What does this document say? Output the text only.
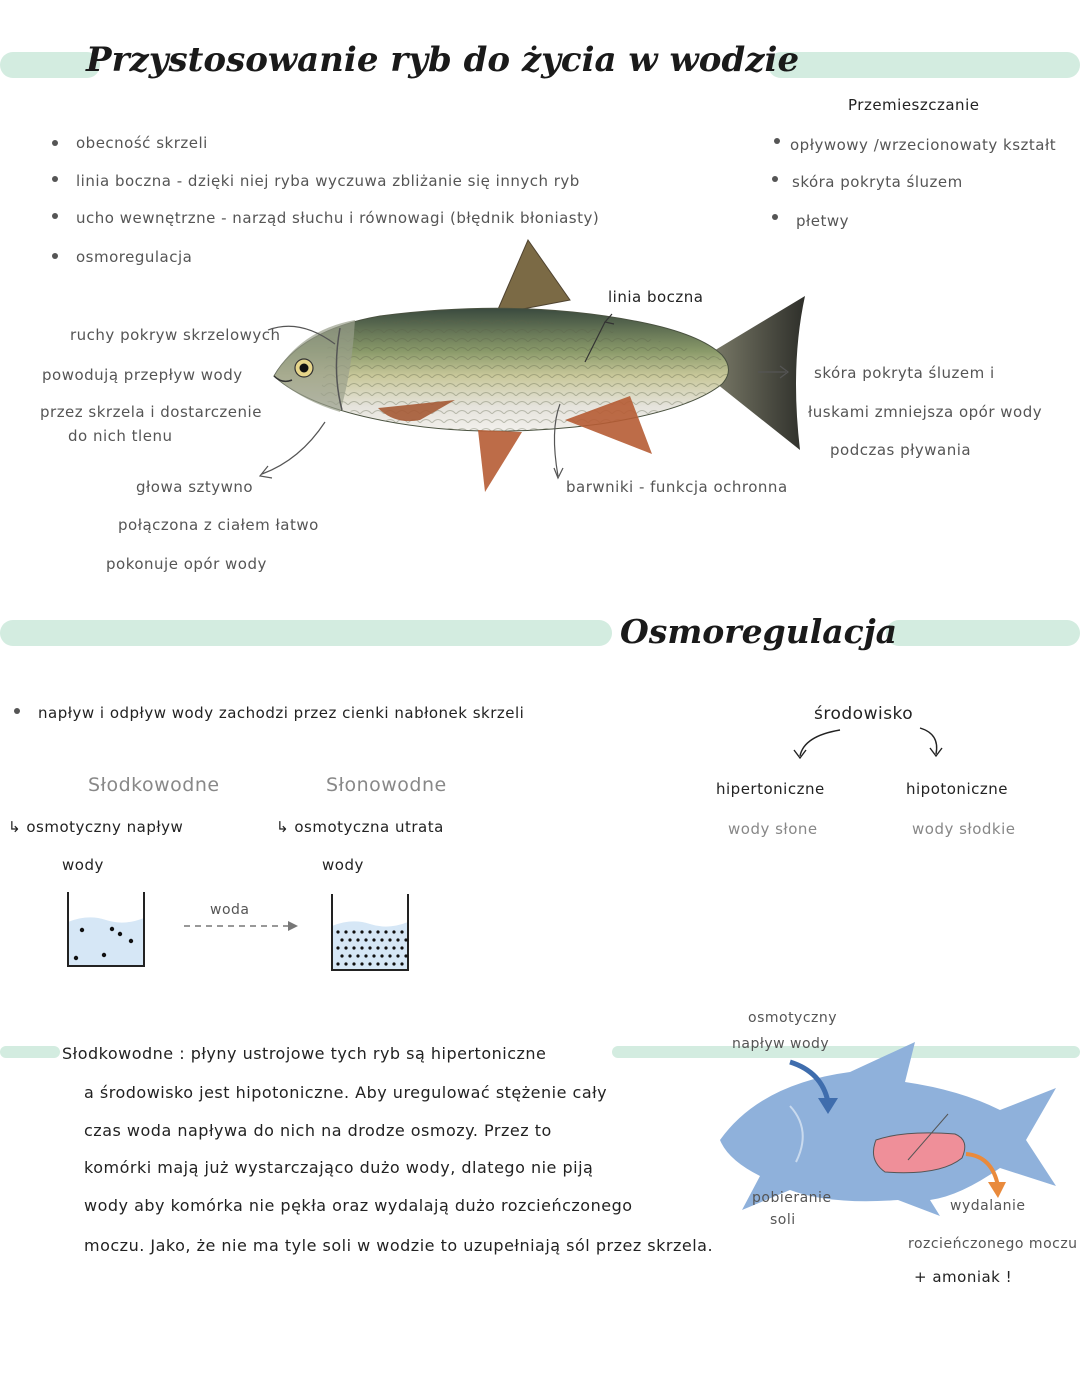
Przystosowanie ryb do życia w wodzie
obecność skrzeli
linia boczna - dzięki niej ryba wyczuwa zbliżanie się innych ryb
ucho wewnętrzne - narząd słuchu i równowagi (błędnik błoniasty)
osmoregulacja
Przemieszczanie
opływowy /wrzecionowaty kształt
skóra pokryta śluzem
płetwy
ruchy pokryw skrzelowych
powodują przepływ wody
przez skrzela i dostarczenie
do nich tlenu
linia boczna
skóra pokryta śluzem i
łuskami zmniejsza opór wody
podczas pływania
głowa sztywno
połączona z ciałem łatwo
pokonuje opór wody
barwniki - funkcja ochronna
Osmoregulacja
napływ i odpływ wody zachodzi przez cienki nabłonek skrzeli
Słodkowodne
↳ osmotyczny napływ
wody
Słonowodne
↳ osmotyczna utrata
wody
woda
środowisko
hipertoniczne
wody słone
hipotoniczne
wody słodkie
Słodkowodne : płyny ustrojowe tych ryb są hipertoniczne
a środowisko jest hipotoniczne. Aby uregulować stężenie cały
czas woda napływa do nich na drodze osmozy. Przez to
komórki mają już wystarczająco dużo wody, dlatego nie piją
wody aby komórka nie pękła oraz wydalają dużo rozcieńczonego
moczu. Jako, że nie ma tyle soli w wodzie to uzupełniają sól przez skrzela.
osmotyczny
napływ wody
pobieranie
soli
wydalanie
rozcieńczonego moczu
+ amoniak !
